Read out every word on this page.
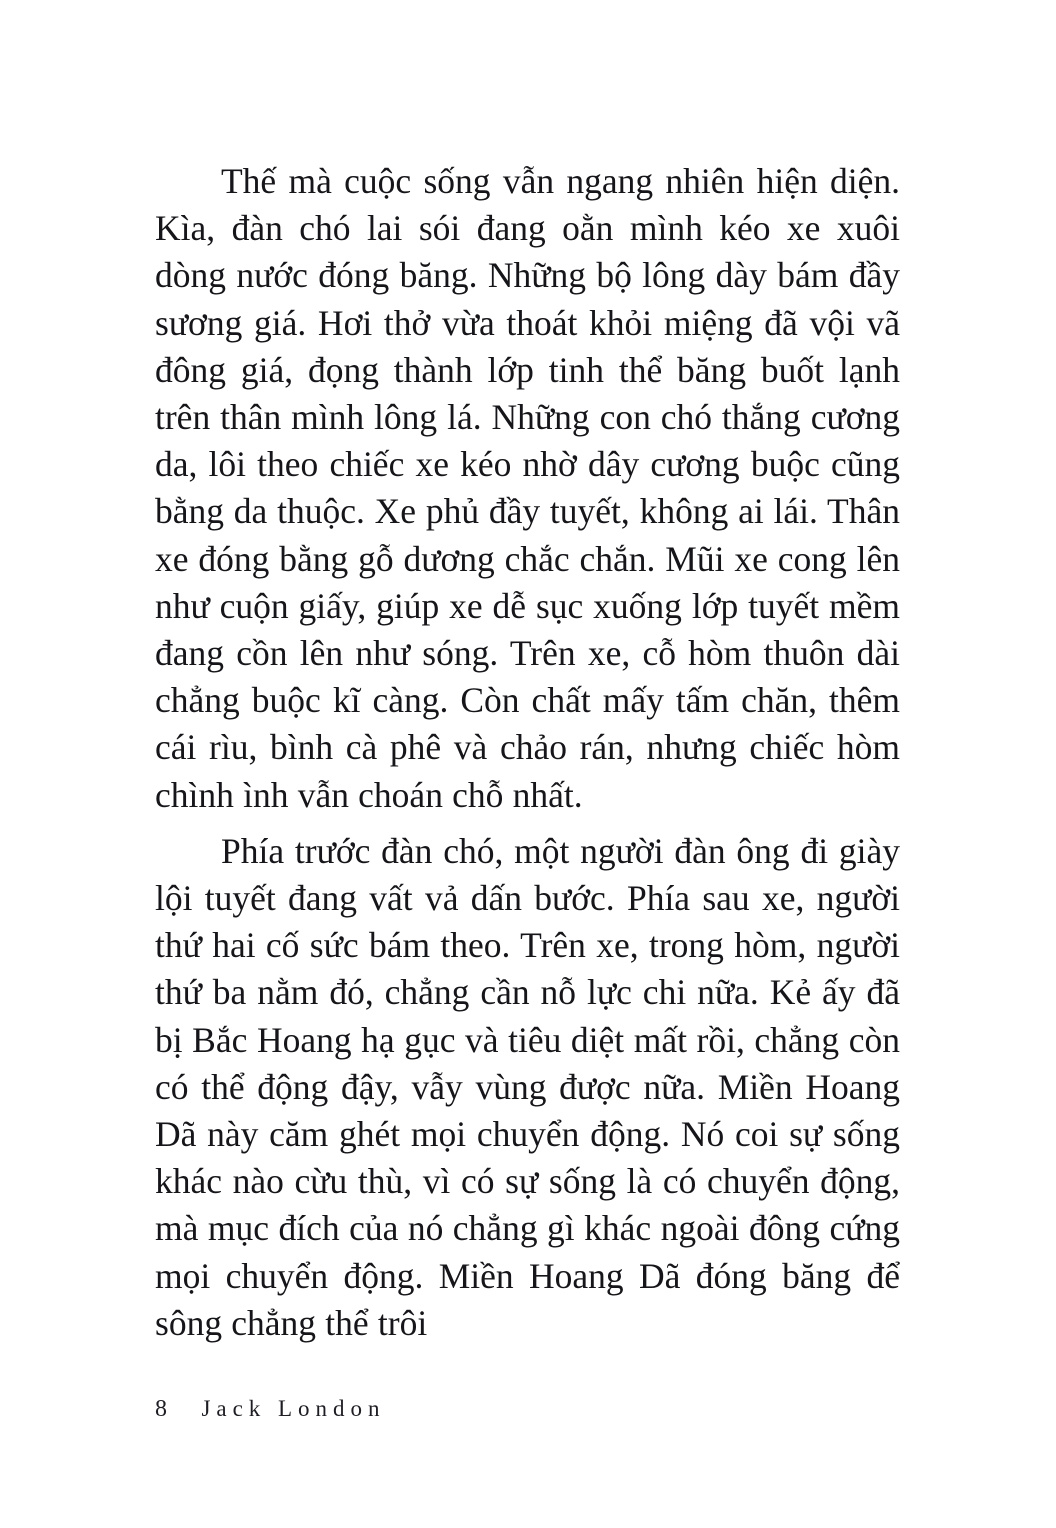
Thế mà cuộc sống vẫn ngang nhiên hiện diện. Kìa, đàn chó lai sói đang oằn mình kéo xe xuôi dòng nước đóng băng. Những bộ lông dày bám đầy sương giá. Hơi thở vừa thoát khỏi miệng đã vội vã đông giá, đọng thành lớp tinh thể băng buốt lạnh trên thân mình lông lá. Những con chó thắng cương da, lôi theo chiếc xe kéo nhờ dây cương buộc cũng bằng da thuộc. Xe phủ đầy tuyết, không ai lái. Thân xe đóng bằng gỗ dương chắc chắn. Mũi xe cong lên như cuộn giấy, giúp xe dễ sục xuống lớp tuyết mềm đang cồn lên như sóng. Trên xe, cỗ hòm thuôn dài chẳng buộc kĩ càng. Còn chất mấy tấm chăn, thêm cái rìu, bình cà phê và chảo rán, nhưng chiếc hòm chình ình vẫn choán chỗ nhất.

Phía trước đàn chó, một người đàn ông đi giày lội tuyết đang vất vả dấn bước. Phía sau xe, người thứ hai cố sức bám theo. Trên xe, trong hòm, người thứ ba nằm đó, chẳng cần nỗ lực chi nữa. Kẻ ấy đã bị Bắc Hoang hạ gục và tiêu diệt mất rồi, chẳng còn có thể động đậy, vẫy vùng được nữa. Miền Hoang Dã này căm ghét mọi chuyển động. Nó coi sự sống khác nào cừu thù, vì có sự sống là có chuyển động, mà mục đích của nó chẳng gì khác ngoài đông cứng mọi chuyển động. Miền Hoang Dã đóng băng để sông chẳng thể trôi

8 Jack London
